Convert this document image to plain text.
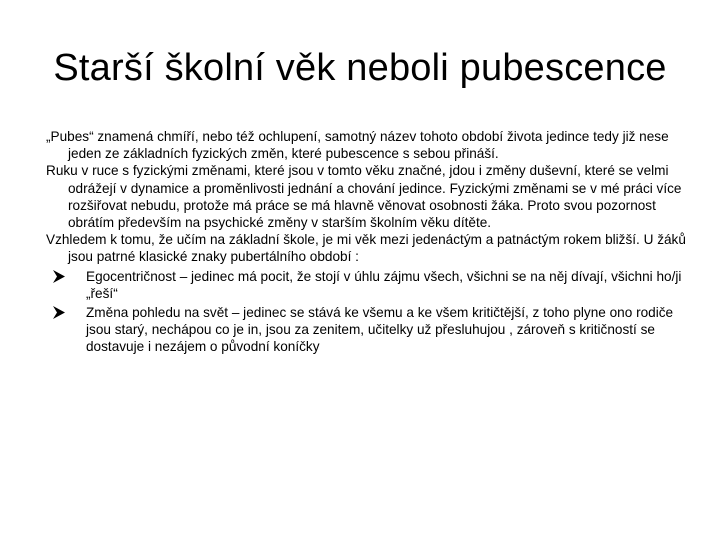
Starší školní věk neboli pubescence

„Pubes“ znamená chmíří, nebo též ochlupení, samotný název tohoto období života jedince tedy již nese jeden ze základních fyzických změn, které pubescence s sebou přináší.

Ruku v ruce s fyzickými změnami, které jsou v tomto věku značné, jdou i změny duševní, které se velmi odrážejí v dynamice a proměnlivosti jednání a chování jedince. Fyzickými změnami se v mé práci více rozšiřovat nebudu, protože má práce se má hlavně věnovat osobnosti žáka. Proto svou pozornost obrátím především na psychické změny v starším školním věku dítěte.

Vzhledem k tomu, že učím na základní škole, je mi věk mezi jedenáctým a patnáctým rokem bližší. U žáků jsou patrné klasické znaky pubertálního období :

Egocentričnost – jedinec má pocit, že stojí v úhlu zájmu všech, všichni se na něj dívají, všichni ho/ji „řeší“
Změna pohledu na svět – jedinec se stává ke všemu a ke všem kritičtější, z toho plyne ono rodiče jsou starý, nechápou co je in, jsou za zenitem, učitelky už přesluhujou , zároveň s kritičností se dostavuje i nezájem o původní koníčky
